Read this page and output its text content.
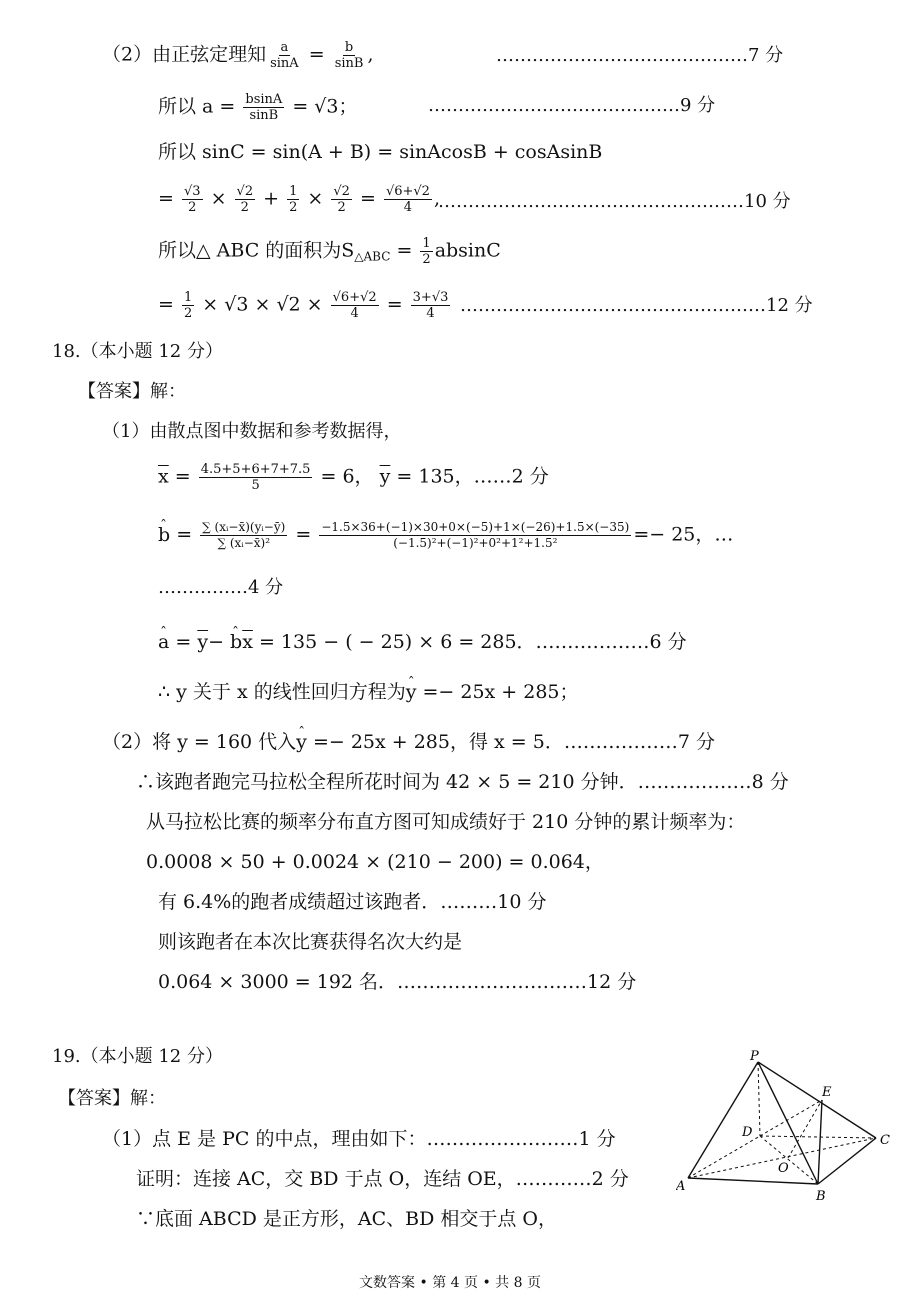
（2）由正弦定理知 $\frac{a}{\sin A} = \frac{b}{\sin B}$ ,	……………………………………7 分
所以 $a = \frac{bsinA}{\sin B} = √3$；	……………………………………9 分
所以 sinC = sin(A + B) = sinAcosB + cosAsinB
= $\frac{√3}{2} \times \frac{√2}{2} + \frac{1}{2} \times \frac{√2}{2} = \frac{√6+√2}{4}$ ,
……………………………………………10 分
所以△ ABC 的面积为$S_{\triangle ABC} = \frac{1}{2}$ absinC
= $\frac{1}{2} \times √3 \times √2 \times \frac{√6+√2}{4} = \frac{3+√3}{4}$ ……………………………………………12 分
18.（本小题 12 分）
【答案】解：
（1）由散点图中数据和参考数据得，
$\overline{x} = \frac{4.5+5+6+7+7.5}{5} = 6$， $\overline{y} = 135$，……2 分
ˆ $b = \frac{\text{∑ (xᵢ−x̄)(yᵢ−ȳ)}}{\text{∑ (xᵢ−x̄)²}} = \frac{-1.5\times 36+(-1)\times 30+0\times(-5)+1\times(-26)+1.5\times(-35)}{\text{(−1.5)²+(−1)²+0²+1²+1.5²}} =- 25$，…
……………4 分
ˆ $a = \overline{y}-$ ˆ $b\overline{x} = 135$ − ( − 25) × 6 = 285．………………6 分
∴ y 关于 x 的线性回归方程为ˆ y =− 25x + 285；
（2）将 y = 160 代入ˆ y =− 25x + 285，得 x = 5．………………7 分
∴该跑者跑完马拉松全程所花时间为 42 × 5 = 210 分钟．………………8 分
从马拉松比赛的频率分布直方图可知成绩好于 210 分钟的累计频率为：
0.0008 × 50 + 0.0024 × (210 − 200) = 0.064，
有 6.4%的跑者成绩超过该跑者．………10 分
则该跑者在本次比赛获得名次大约是
0.064 × 3000 = 192 名．…………………………12 分
19.（本小题 12 分）
【答案】解：
（1）点 E 是 PC 的中点，理由如下：……………………1 分
证明：连接 AC，交 BD 于点 O，连结 OE，…………2 分
∵底面 ABCD 是正方形，AC、BD 相交于点 O，
P
E
D
C
O
A
B
文数答案 • 第 4 页 • 共 8 页
